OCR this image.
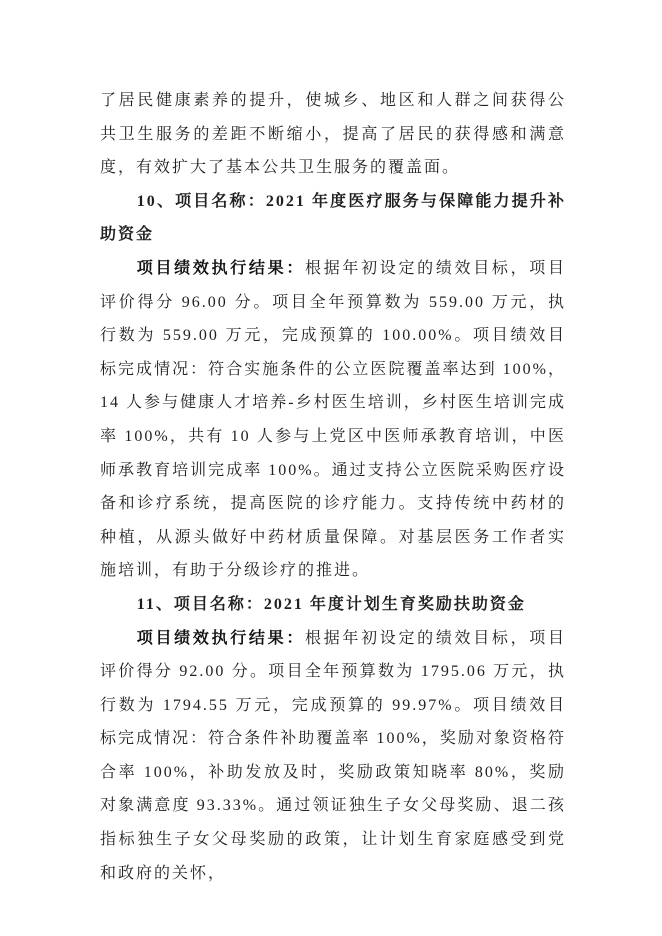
了居民健康素养的提升，使城乡、地区和人群之间获得公共卫生服务的差距不断缩小，提高了居民的获得感和满意度，有效扩大了基本公共卫生服务的覆盖面。

10、项目名称：2021 年度医疗服务与保障能力提升补助资金

项目绩效执行结果：根据年初设定的绩效目标，项目评价得分 96.00 分。项目全年预算数为 559.00 万元，执行数为 559.00 万元，完成预算的 100.00%。项目绩效目标完成情况：符合实施条件的公立医院覆盖率达到 100%，14 人参与健康人才培养-乡村医生培训，乡村医生培训完成率 100%，共有 10 人参与上党区中医师承教育培训，中医师承教育培训完成率 100%。通过支持公立医院采购医疗设备和诊疗系统，提高医院的诊疗能力。支持传统中药材的种植，从源头做好中药材质量保障。对基层医务工作者实施培训，有助于分级诊疗的推进。

11、项目名称：2021 年度计划生育奖励扶助资金

项目绩效执行结果：根据年初设定的绩效目标，项目评价得分 92.00 分。项目全年预算数为 1795.06 万元，执行数为 1794.55 万元，完成预算的 99.97%。项目绩效目标完成情况：符合条件补助覆盖率 100%，奖励对象资格符合率 100%，补助发放及时，奖励政策知晓率 80%，奖励对象满意度 93.33%。通过领证独生子女父母奖励、退二孩指标独生子女父母奖励的政策，让计划生育家庭感受到党和政府的关怀，
